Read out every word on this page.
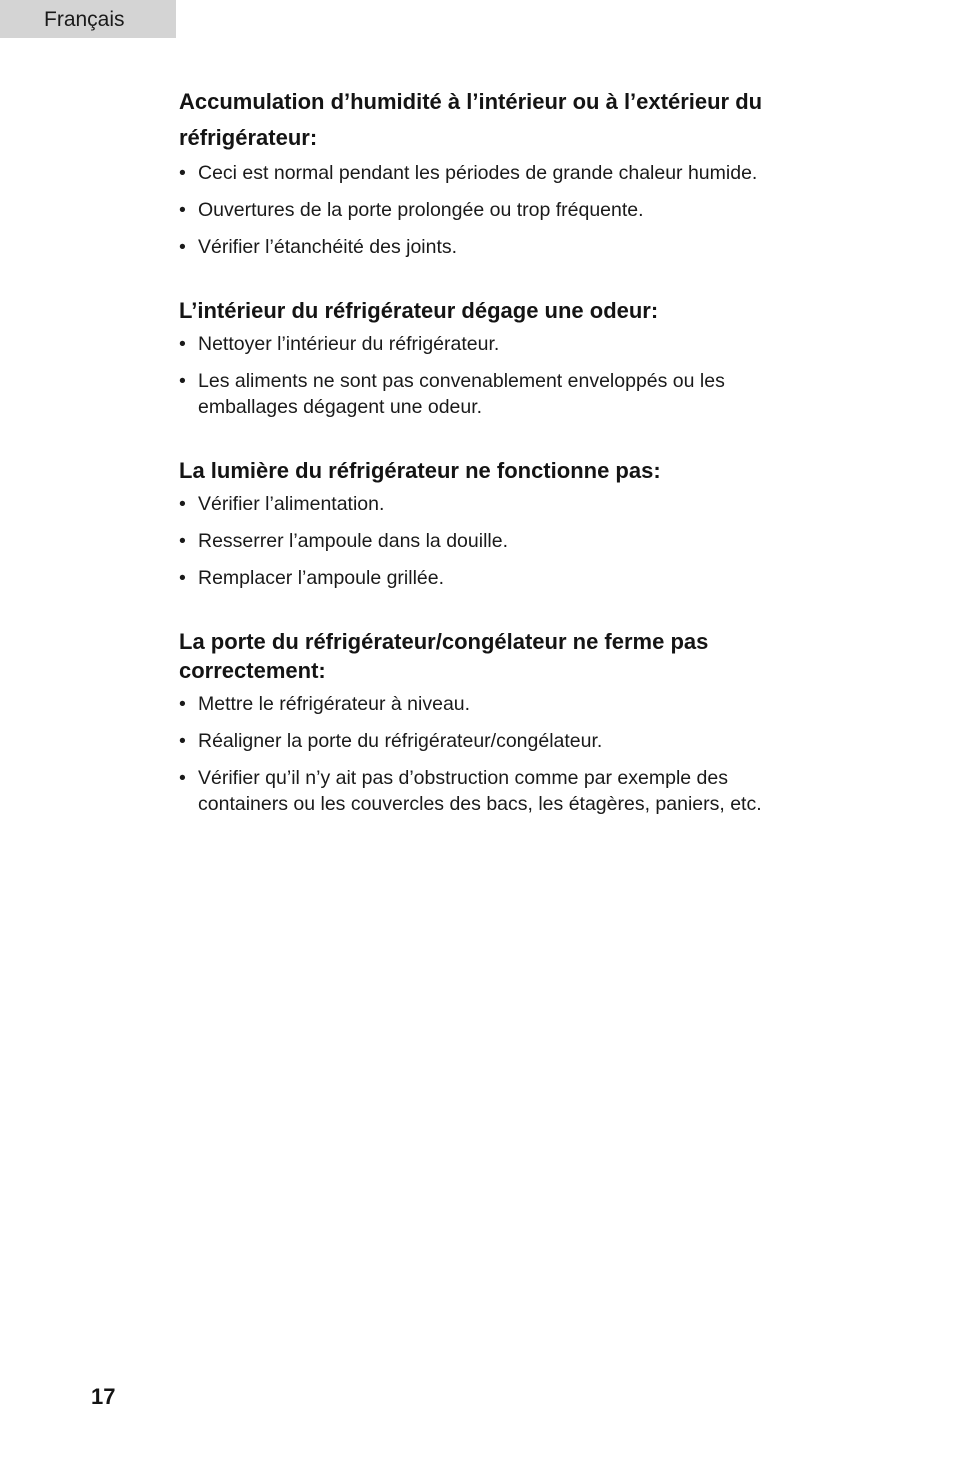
Français
Accumulation d’humidité à l’intérieur ou à l’extérieur du réfrigérateur:
• Ceci est normal pendant les périodes de grande chaleur humide.
• Ouvertures de la porte prolongée ou trop fréquente.
• Vérifier l’étanchéité des joints.
L’intérieur du réfrigérateur dégage une odeur:
• Nettoyer l’intérieur du réfrigérateur.
• Les aliments ne sont pas convenablement enveloppés ou les emballages dégagent une odeur.
La lumière du réfrigérateur ne fonctionne pas:
• Vérifier l’alimentation.
• Resserrer l’ampoule dans la douille.
• Remplacer l’ampoule grillée.
La porte du réfrigérateur/congélateur ne ferme pas correctement:
• Mettre le réfrigérateur à niveau.
• Réaligner la porte du réfrigérateur/congélateur.
• Vérifier qu’il n’y ait pas d’obstruction comme par exemple des containers ou les couvercles des bacs, les étagères, paniers, etc.
17
